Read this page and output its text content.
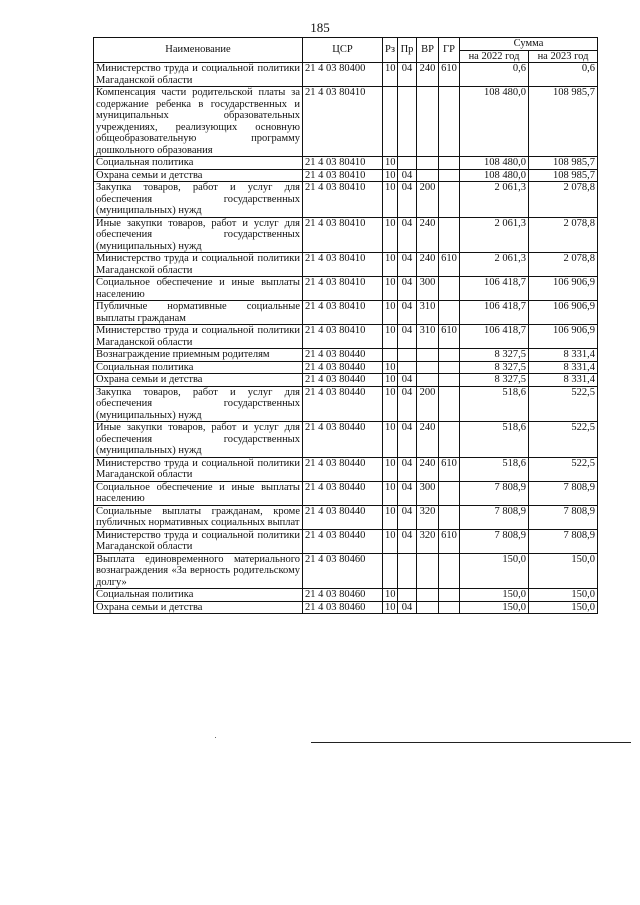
185
Наименование	ЦСР	Рз	Пр	ВР	ГР	Сумма	
						на 2022 год	на 2023 год
Министерство труда и социальной политики Магаданской области	21 4 03 80400	10	04	240	610	0,6	0,6
Компенсация части родительской платы за содержание ребенка в государственных и муниципальных образовательных учреждениях, реализующих основную общеобразовательную программу дошкольного образования	21 4 03 80410					108 480,0	108 985,7
Социальная политика	21 4 03 80410	10				108 480,0	108 985,7
Охрана семьи и детства	21 4 03 80410	10	04			108 480,0	108 985,7
Закупка товаров, работ и услуг для обеспечения государственных (муниципальных) нужд	21 4 03 80410	10	04	200		2 061,3	2 078,8
Иные закупки товаров, работ и услуг для обеспечения государственных (муниципальных) нужд	21 4 03 80410	10	04	240		2 061,3	2 078,8
Министерство труда и социальной политики Магаданской области	21 4 03 80410	10	04	240	610	2 061,3	2 078,8
Социальное обеспечение и иные выплаты населению	21 4 03 80410	10	04	300		106 418,7	106 906,9
Публичные нормативные социальные выплаты гражданам	21 4 03 80410	10	04	310		106 418,7	106 906,9
Министерство труда и социальной политики Магаданской области	21 4 03 80410	10	04	310	610	106 418,7	106 906,9
Вознаграждение приемным родителям	21 4 03 80440					8 327,5	8 331,4
Социальная политика	21 4 03 80440	10				8 327,5	8 331,4
Охрана семьи и детства	21 4 03 80440	10	04			8 327,5	8 331,4
Закупка товаров, работ и услуг для обеспечения государственных (муниципальных) нужд	21 4 03 80440	10	04	200		518,6	522,5
Иные закупки товаров, работ и услуг для обеспечения государственных (муниципальных) нужд	21 4 03 80440	10	04	240		518,6	522,5
Министерство труда и социальной политики Магаданской области	21 4 03 80440	10	04	240	610	518,6	522,5
Социальное обеспечение и иные выплаты населению	21 4 03 80440	10	04	300		7 808,9	7 808,9
Социальные выплаты гражданам, кроме публичных нормативных социальных выплат	21 4 03 80440	10	04	320		7 808,9	7 808,9
Министерство труда и социальной политики Магаданской области	21 4 03 80440	10	04	320	610	7 808,9	7 808,9
Выплата единовременного материального вознаграждения «За верность родительскому долгу»	21 4 03 80460					150,0	150,0
Социальная политика	21 4 03 80460	10				150,0	150,0
Охрана семьи и детства	21 4 03 80460	10	04			150,0	150,0
